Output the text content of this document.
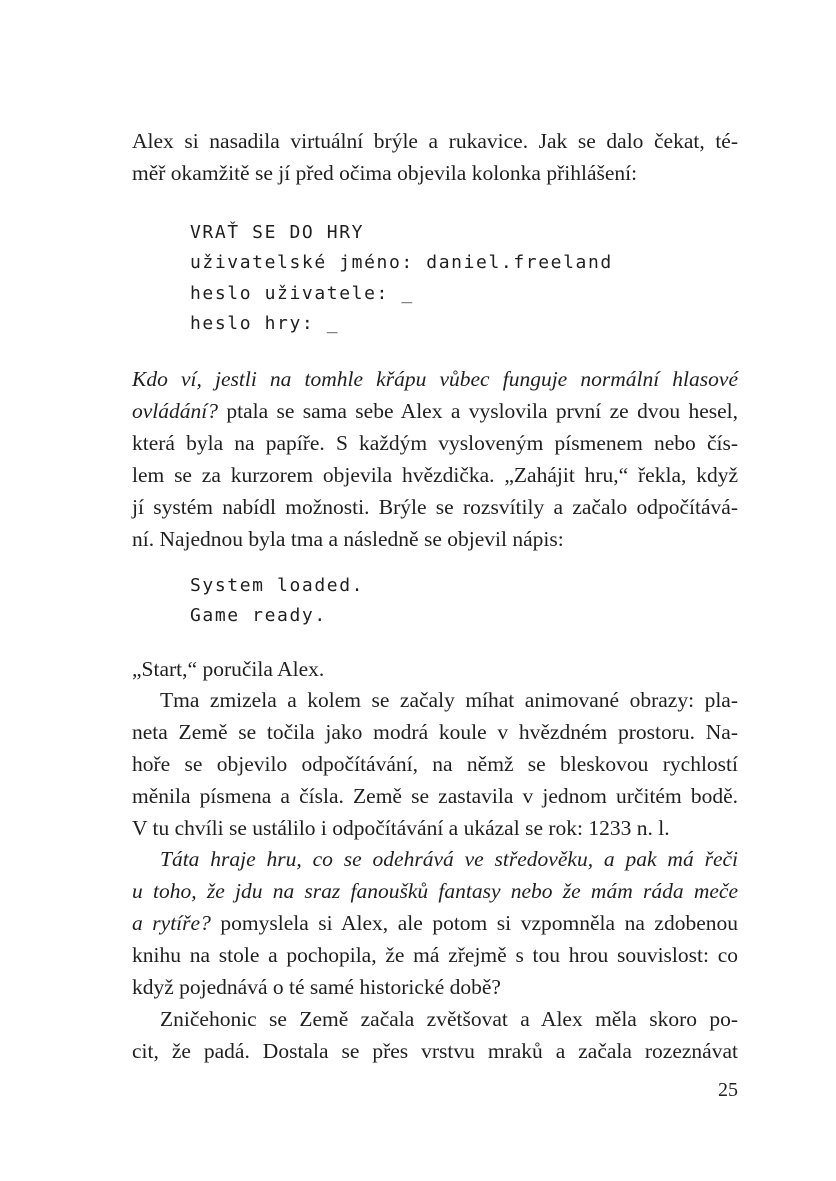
Alex si nasadila virtuální brýle a rukavice. Jak se dalo čekat, té-
měř okamžitě se jí před očima objevila kolonka přihlášení:
VRAŤ SE DO HRY
uživatelské jméno: daniel.freeland
heslo uživatele: _
heslo hry: _
Kdo ví, jestli na tomhle křápu vůbec funguje normální hlasové
ovládání? ptala se sama sebe Alex a vyslovila první ze dvou hesel,
která byla na papíře. S každým vysloveným písmenem nebo čís-
lem se za kurzorem objevila hvězdička. „Zahájit hru,“ řekla, když
jí systém nabídl možnosti. Brýle se rozsvítily a začalo odpočítává-
ní. Najednou byla tma a následně se objevil nápis:
System loaded.
Game ready.
„Start,“ poručila Alex.
Tma zmizela a kolem se začaly míhat animované obrazy: pla-
neta Země se točila jako modrá koule v hvězdném prostoru. Na-
hoře se objevilo odpočítávání, na němž se bleskovou rychlostí
měnila písmena a čísla. Země se zastavila v jednom určitém bodě.
V tu chvíli se ustálilo i odpočítávání a ukázal se rok: 1233 n. l.
Táta hraje hru, co se odehrává ve středověku, a pak má řeči
u toho, že jdu na sraz fanoušků fantasy nebo že mám ráda meče
a rytíře? pomyslela si Alex, ale potom si vzpomněla na zdobenou
knihu na stole a pochopila, že má zřejmě s tou hrou souvislost: co
když pojednává o té samé historické době?
Zničehonic se Země začala zvětšovat a Alex měla skoro po-
cit, že padá. Dostala se přes vrstvu mraků a začala rozeznávat
25
